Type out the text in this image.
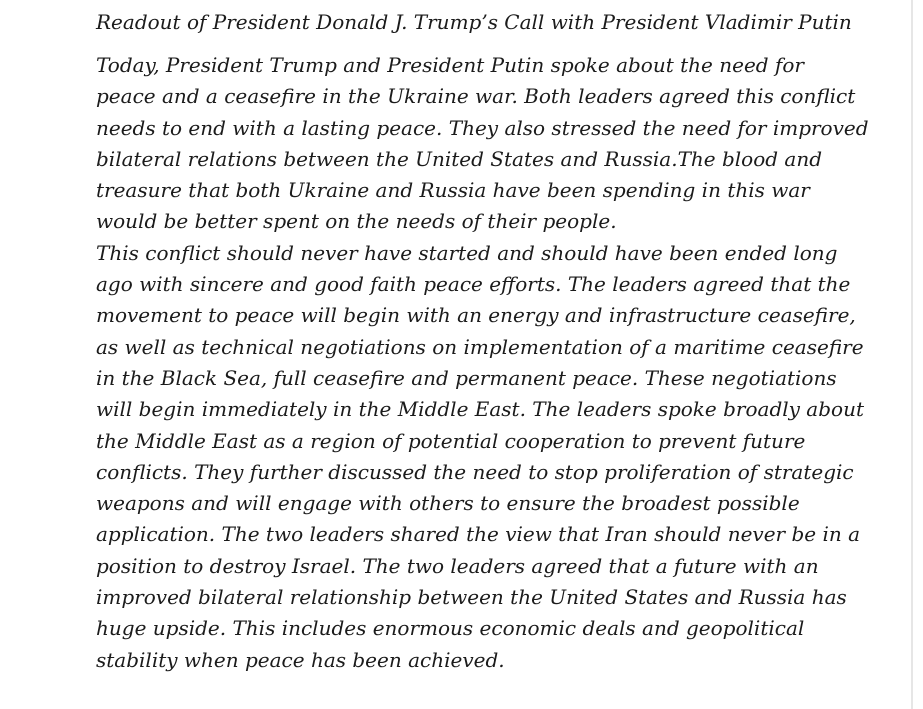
Readout of President Donald J. Trump’s Call with President Vladimir Putin

Today, President Trump and President Putin spoke about the need for
peace and a ceasefire in the Ukraine war. Both leaders agreed this conflict
needs to end with a lasting peace. They also stressed the need for improved
bilateral relations between the United States and Russia.The blood and
treasure that both Ukraine and Russia have been spending in this war
would be better spent on the needs of their people.

This conflict should never have started and should have been ended long
ago with sincere and good faith peace efforts. The leaders agreed that the
movement to peace will begin with an energy and infrastructure ceasefire,
as well as technical negotiations on implementation of a maritime ceasefire
in the Black Sea, full ceasefire and permanent peace. These negotiations
will begin immediately in the Middle East. The leaders spoke broadly about
the Middle East as a region of potential cooperation to prevent future
conflicts. They further discussed the need to stop proliferation of strategic
weapons and will engage with others to ensure the broadest possible
application. The two leaders shared the view that Iran should never be in a
position to destroy Israel. The two leaders agreed that a future with an
improved bilateral relationship between the United States and Russia has
huge upside. This includes enormous economic deals and geopolitical
stability when peace has been achieved.
